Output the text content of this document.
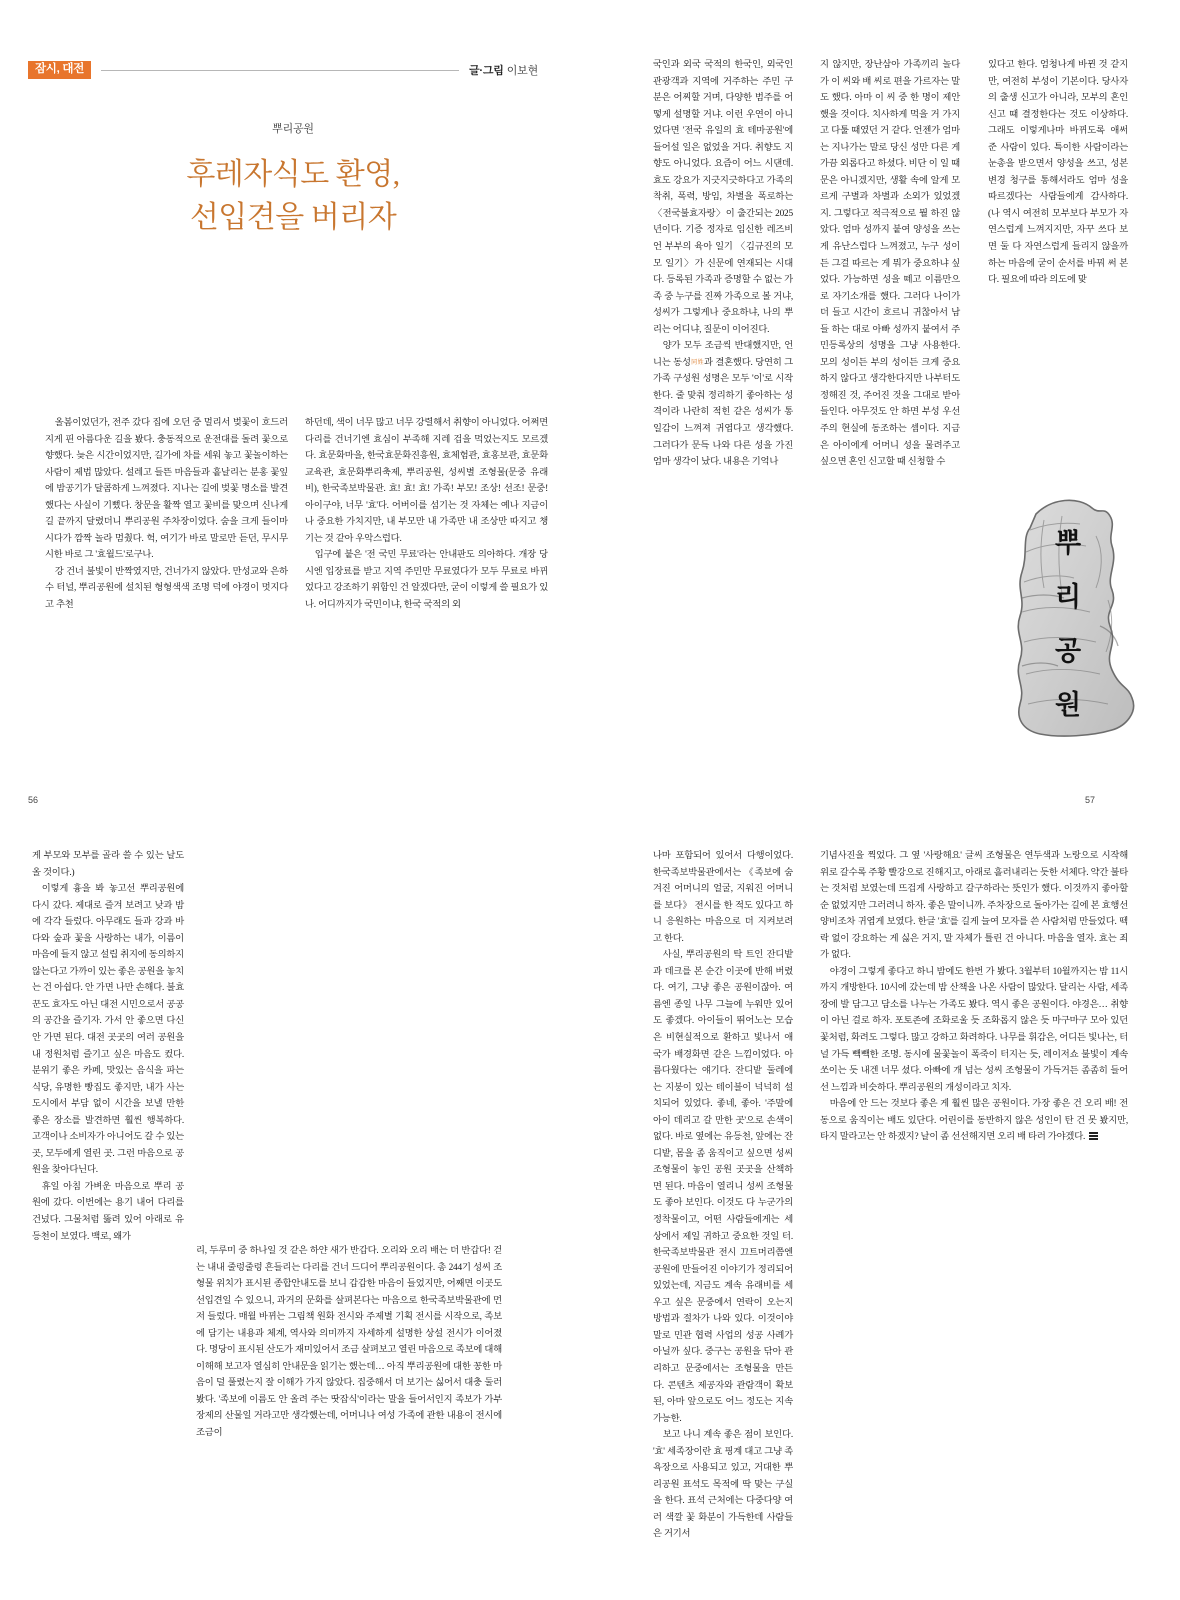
잠시, 대전	글·그림 이보현
뿌리공원
후레자식도 환영,
선입견을 버리자

올봄이었던가, 전주 갔다 집에 오던 중 멀리서 벚꽃이 흐드러지게 핀 아름다운 길을 봤다. 충동적으로 운전대를 돌려 꽃으로 향했다. 늦은 시간이었지만, 길가에 차를 세워 놓고 꽃놀이하는 사람이 제법 많았다. 설레고 들뜬 마음들과 흩날리는 분홍 꽃잎에 밤공기가 달콤하게 느껴졌다. 지나는 길에 벚꽃 명소를 발견했다는 사실이 기뻤다. 창문을 활짝 열고 꽃비를 맞으며 신나게 길 끝까지 달렸더니 뿌리공원 주차장이었다. 숨을 크게 들이마시다가 깜짝 놀라 멈췄다. 헉, 여기가 바로 말로만 듣던, 무시무시한 바로 그 '효월드'로구나.

강 건너 불빛이 반짝였지만, 건너가지 않았다. 만성교와 은하수 터널, 뿌리공원에 설치된 형형색색 조명 덕에 야경이 멋지다고 추천

하던데, 색이 너무 많고 너무 강렬해서 취향이 아니었다. 어쩌면 다리를 건너기엔 효심이 부족해 지레 겁을 먹었는지도 모르겠다. 효문화마을, 한국효문화진흥원, 효체험관, 효홍보관, 효문화교육관, 효문화뿌리축제, 뿌리공원, 성씨별 조형물(문중 유래비), 한국족보박물관. 효! 효! 효! 가족! 부모! 조상! 선조! 문중! 아이구야, 너무 '효'다. 어버이를 섬기는 것 자체는 예나 지금이나 중요한 가치지만, 내 부모만 내 가족만 내 조상만 따지고 챙기는 것 같아 우악스럽다.

입구에 붙은 '전 국민 무료'라는 안내판도 의아하다. 개장 당시엔 입장료를 받고 지역 주민만 무료였다가 모두 무료로 바뀌었다고 강조하기 위함인 건 알겠다만, 굳이 이렇게 쓸 필요가 있나. 어디까지가 국민이냐, 한국 국적의 외

국인과 외국 국적의 한국인, 외국인 관광객과 지역에 거주하는 주민 구분은 어찌할 거며, 다양한 범주를 어떻게 설명할 거냐. 이런 우연이 아니었다면 '전국 유일의 효 테마공원'에 들어설 일은 없었을 거다. 취향도 지향도 아니었다. 요즘이 어느 시댄데. 효도 강요가 지긋지긋하다고 가족의 착취, 폭력, 방임, 차별을 폭로하는 〈전국불효자랑〉이 출간되는 2025년이다. 기증 정자로 임신한 레즈비언 부부의 육아 일기 〈김규진의 모모 일기〉가 신문에 연재되는 시대다. 등록된 가족과 증명할 수 없는 가족 중 누구를 진짜 가족으로 볼 거냐, 성씨가 그렇게나 중요하냐, 나의 뿌리는 어디냐, 질문이 이어진다.

양가 모두 조금씩 반대했지만, 언니는 동성同姓과 결혼했다. 당연히 그 가족 구성원 성명은 모두 '이'로 시작한다. 줄 맞춰 정리하기 좋아하는 성격이라 나란히 적힌 같은 성씨가 통일감이 느껴져 귀엽다고 생각했다. 그러다가 문득 나와 다른 성을 가진 엄마 생각이 났다. 내용은 기억나

지 않지만, 장난삼아 가족끼리 놀다가 이 씨와 배 씨로 편을 가르자는 말도 했다. 아마 이 씨 중 한 명이 제안했을 것이다. 치사하게 먹을 거 가지고 다툴 때였던 거 같다. 언젠가 엄마는 지나가는 말로 당신 성만 다른 게 가끔 외롭다고 하셨다. 비단 이 일 때문은 아니겠지만, 생활 속에 알게 모르게 구별과 차별과 소외가 있었겠지. 그렇다고 적극적으로 뭘 하진 않았다. 엄마 성까지 붙여 양성을 쓰는 게 유난스럽다 느껴졌고, 누구 성이든 그걸 따르는 게 뭐가 중요하냐 싶었다. 가능하면 성을 떼고 이름만으로 자기소개를 했다. 그러다 나이가 더 들고 시간이 흐르니 귀찮아서 남들 하는 대로 아빠 성까지 붙여서 주민등록상의 성명을 그냥 사용한다. 모의 성이든 부의 성이든 크게 중요하지 않다고 생각한다지만 나부터도 정해진 것, 주어진 것을 그대로 받아들인다. 아무것도 안 하면 부성 우선주의 현실에 동조하는 셈이다. 지금은 아이에게 어머니 성을 물려주고 싶으면 혼인 신고할 때 신청할 수

있다고 한다. 엄청나게 바뀐 것 같지만, 여전히 부성이 기본이다. 당사자의 출생 신고가 아니라, 모부의 혼인 신고 때 결정한다는 것도 이상하다. 그래도 이렇게나마 바뀌도록 애써 준 사람이 있다. 특이한 사람이라는 눈총을 받으면서 양성을 쓰고, 성본 변경 청구를 통해서라도 엄마 성을 따르겠다는 사람들에게 감사하다. (나 역시 여전히 모부보다 부모가 자연스럽게 느껴지지만, 자꾸 쓰다 보면 둘 다 자연스럽게 들리지 않을까 하는 마음에 굳이 순서를 바꿔 써 본다. 필요에 따라 의도에 맞

뿌
리
공
원
56	57

게 부모와 모부를 골라 쓸 수 있는 날도 올 것이다.)

이렇게 흉을 봐 놓고선 뿌리공원에 다시 갔다. 제대로 즐겨 보려고 낮과 밤에 각각 들렀다. 아무래도 들과 강과 바다와 숲과 꽃을 사랑하는 내가, 이름이 마음에 들지 않고 설립 취지에 동의하지 않는다고 가까이 있는 좋은 공원을 놓치는 건 아쉽다. 안 가면 나만 손해다. 불효꾼도 효자도 아닌 대전 시민으로서 공공의 공간을 즐기자. 가서 안 좋으면 다신 안 가면 된다. 대전 곳곳의 여러 공원을 내 정원처럼 즐기고 싶은 마음도 컸다. 분위기 좋은 카페, 맛있는 음식을 파는 식당, 유명한 빵집도 좋지만, 내가 사는 도시에서 부담 없이 시간을 보낼 만한 좋은 장소를 발견하면 훨씬 행복하다. 고객이나 소비자가 아니어도 갈 수 있는 곳, 모두에게 열린 곳. 그런 마음으로 공원을 찾아다닌다.

휴일 아침 가벼운 마음으로 뿌리 공원에 갔다. 이번에는 용기 내어 다리를 건넜다. 그물처럼 뚫려 있어 아래로 유등천이 보였다. 백로, 왜가

리, 두루미 중 하나일 것 같은 하얀 새가 반갑다. 오리와 오리 배는 더 반갑다! 걷는 내내 줄렁줄렁 흔들리는 다리를 건너 드디어 뿌리공원이다. 총 244기 성씨 조형물 위치가 표시된 종합안내도를 보니 갑갑한 마음이 들었지만, 어째면 이곳도 선입견일 수 있으니, 과거의 문화를 살펴본다는 마음으로 한국족보박물관에 먼저 들렀다. 매월 바뀌는 그림책 원화 전시와 주제별 기획 전시를 시작으로, 족보에 담기는 내용과 체계, 역사와 의미까지 자세하게 설명한 상설 전시가 이어졌다. 명당이 표시된 산도가 재미있어서 조금 살펴보고 열린 마음으로 족보에 대해 이해해 보고자 열심히 안내문을 읽기는 했는데… 아직 뿌리공원에 대한 꽁한 마음이 덜 풀렸는지 잘 이해가 가지 않았다. 집중해서 더 보기는 싫어서 대충 둘러봤다. '족보에 이름도 안 올려 주는 땃잡식'이라는 말을 들어서인지 족보가 가부장제의 산물일 거라고만 생각했는데, 어머니나 여성 가족에 관한 내용이 전시에 조금이

나마 포함되어 있어서 다행이었다. 한국족보박물관에서는 《족보에 숨겨진 어머니의 얼굴, 지워진 어머니를 보다》 전시를 한 적도 있다고 하니 응원하는 마음으로 더 지켜보려고 한다.

사실, 뿌리공원의 탁 트인 잔디밭과 데크를 본 순간 이곳에 반해 버렸다. 여기, 그냥 좋은 공원이잖아. 여름엔 종일 나무 그늘에 누워만 있어도 좋겠다. 아이들이 뛰어노는 모습은 비현실적으로 환하고 빛나서 애국가 배경화면 같은 느낌이었다. 아름다웠다는 얘기다. 잔디밭 둘레에는 지붕이 있는 테이블이 넉넉히 설치되어 있었다. 좋네, 좋아. '주말에 아이 데리고 갈 만한 곳'으로 손색이 없다. 바로 옆에는 유등천, 앞에는 잔디밭, 몸을 좀 움직이고 싶으면 성씨 조형물이 놓인 공원 곳곳을 산책하면 된다. 마음이 열리니 성씨 조형물도 좋아 보인다. 이것도 다 누군가의 정착물이고, 어떤 사람들에게는 세상에서 제일 귀하고 중요한 것일 터. 한국족보박물관 전시 끄트머리쯤엔 공원에 만들어진 이야기가 정리되어 있었는데, 지금도 계속 유래비를 세우고 싶은 문중에서 연락이 오는지 방법과 절차가 나와 있다. 이것이야말로 민관 협력 사업의 성공 사례가 아닐까 싶다. 중구는 공원을 닦아 관리하고 문중에서는 조형물을 만든다. 콘텐츠 제공자와 관람객이 확보된, 아마 앞으로도 어느 정도는 지속가능한.

보고 나니 계속 좋은 점이 보인다. '효' 세족장이란 효 핑계 대고 그냥 족욕장으로 사용되고 있고, 거대한 뿌리공원 표석도 목적에 딱 맞는 구실을 한다. 표석 근처에는 다중다양 여러 색깔 꽃 화분이 가득한데 사람들은 거기서

기념사진을 찍었다. 그 옆 '사랑해요' 글씨 조형물은 연두색과 노랑으로 시작해 위로 갈수록 주황 빨강으로 진해지고, 아래로 흘러내리는 듯한 서체다. 약간 불타는 것처럼 보였는데 뜨겁게 사랑하고 갈구하라는 뜻인가 했다. 이것까지 좋아할 순 없었지만 그러려니 하자. 좋은 말이니까. 주차장으로 돌아가는 길에 본 효행선양비조차 귀엽게 보였다. 한글 '효'를 길게 늘여 모자를 쓴 사람처럼 만들었다. 떽락 없이 강요하는 게 싫은 거지, 말 자체가 틀린 건 아니다. 마음을 열자. 효는 죄가 없다.

야경이 그렇게 좋다고 하니 밤에도 한번 가 봤다. 3월부터 10월까지는 밤 11시까지 개방한다. 10시에 갔는데 밤 산책을 나온 사람이 많았다. 달리는 사람, 세족장에 발 담그고 담소를 나누는 가족도 봤다. 역시 좋은 공원이다. 야경은… 취향이 아닌 걸로 하자. 포토존에 조화로울 듯 조화롭지 않은 듯 마구마구 모아 있던 꽃처럼, 화려도 그렇다. 많고 강하고 화려하다. 나무를 휘감은, 어디든 빛나는, 터널 가득 빽빽한 조명. 동시에 물꽃놀이 폭죽이 터지는 듯, 레이저쇼 불빛이 계속 쏘이는 듯 내겐 너무 셨다. 아빠에 개 넘는 성씨 조형물이 가득거든 좀좀히 들어선 느낌과 비슷하다. 뿌리공원의 개성이라고 치자.

마음에 안 드는 것보다 좋은 게 훨씬 많은 공원이다. 가장 좋은 건 오리 배! 전동으로 움직이는 배도 있단다. 어린이를 동반하지 않은 성인이 탄 건 못 봤지만, 타지 말라고는 안 하겠지? 날이 좀 선선해지면 오리 배 타러 가야겠다.
